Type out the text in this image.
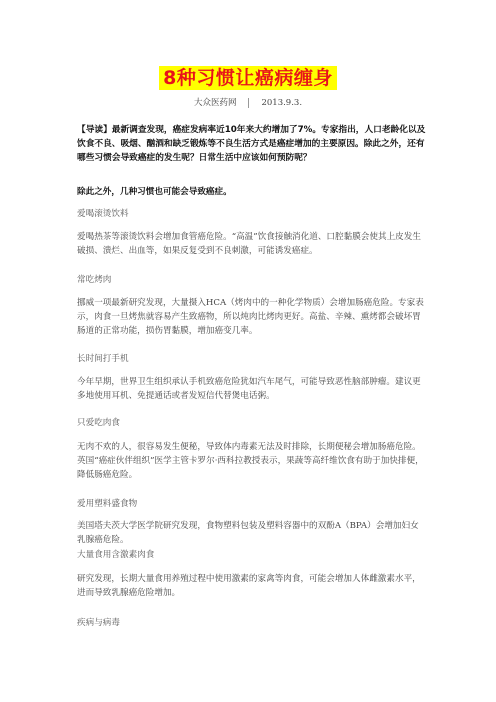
8种习惯让癌病缠身
大众医药网	2013.9.3.
【导读】最新调查发现，癌症发病率近10年来大约增加了7%。专家指出，人口老龄化以及饮食不良、吸烟、酗酒和缺乏锻炼等不良生活方式是癌症增加的主要原因。除此之外，还有哪些习惯会导致癌症的发生呢？日常生活中应该如何预防呢？
除此之外，几种习惯也可能会导致癌症。
爱喝滚烫饮料
爱喝热茶等滚烫饮料会增加食管癌危险。“高温”饮食接触消化道、口腔黏膜会使其上皮发生破损、溃烂、出血等，如果反复受到不良刺激，可能诱发癌症。
常吃烤肉
挪威一项最新研究发现，大量摄入HCA（烤肉中的一种化学物质）会增加肠癌危险。专家表示，肉食一旦烤焦就容易产生致癌物，所以炖肉比烤肉更好。高盐、辛辣、熏烤都会破坏胃肠道的正常功能，损伤胃黏膜，增加癌变几率。
长时间打手机
今年早期，世界卫生组织承认手机致癌危险犹如汽车尾气，可能导致恶性脑部肿瘤。建议更多地使用耳机、免提通话或者发短信代替煲电话粥。
只爱吃肉食
无肉不欢的人，很容易发生便秘，导致体内毒素无法及时排除，长期便秘会增加肠癌危险。英国“癌症伙伴组织”医学主管卡罗尔·西科拉教授表示，果蔬等高纤维饮食有助于加快排便，降低肠癌危险。
爱用塑料盛食物
美国塔夫茨大学医学院研究发现，食物塑料包装及塑料容器中的双酚A（BPA）会增加妇女乳腺癌危险。
大量食用含激素肉食
研究发现，长期大量食用养殖过程中使用激素的家禽等肉食，可能会增加人体雌激素水平，进而导致乳腺癌危险增加。
疾病与病毒
